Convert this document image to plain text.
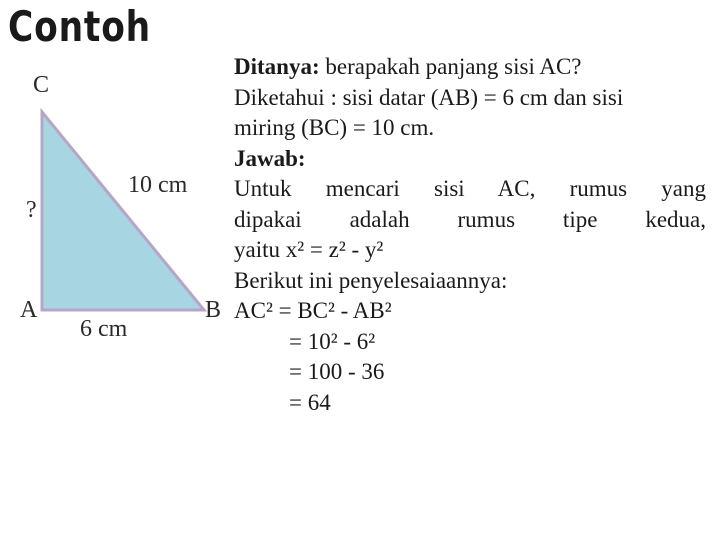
Contoh
C
?
A
10 cm
6 cm
B
Ditanya: berapakah panjang sisi AC?
Diketahui : sisi datar (AB) = 6 cm dan sisi
miring (BC) = 10 cm.
Jawab:
Untuk mencari sisi AC, rumus yang
dipakai adalah rumus tipe kedua,
yaitu x² = z² - y²
Berikut ini penyelesaiaannya:
AC² = BC² - AB²
= 10² - 6²
= 100 - 36
= 64
